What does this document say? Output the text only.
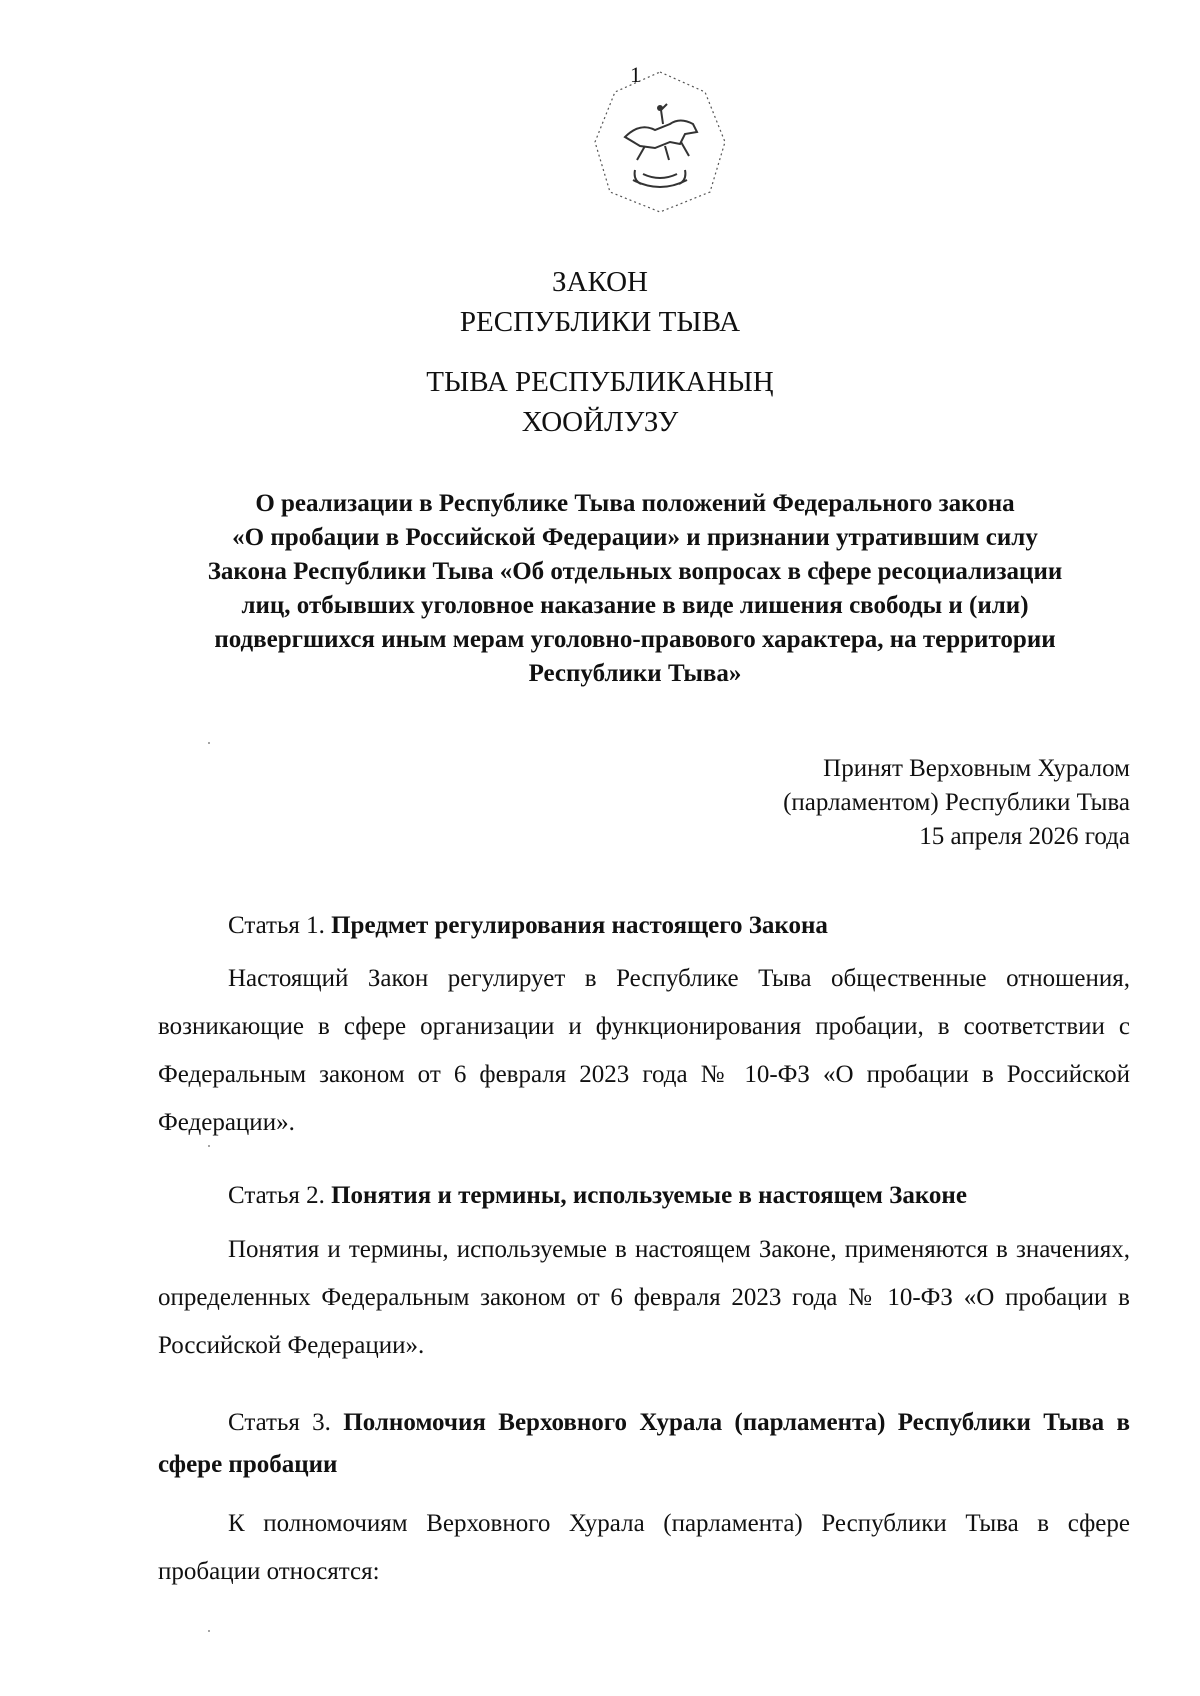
1
ЗАКОН
РЕСПУБЛИКИ ТЫВА
ТЫВА РЕСПУБЛИКАНЫҢ
ХООЙЛУЗУ
О реализации в Республике Тыва положений Федерального закона
«О пробации в Российской Федерации» и признании утратившим силу
Закона Республики Тыва «Об отдельных вопросах в сфере ресоциализации
лиц, отбывших уголовное наказание в виде лишения свободы и (или)
подвергшихся иным мерам уголовно-правового характера, на территории
Республики Тыва»
Принят Верховным Хуралом
(парламентом) Республики Тыва
15 апреля 2026 года
Статья 1. Предмет регулирования настоящего Закона
Настоящий Закон регулирует в Республике Тыва общественные отношения, возникающие в сфере организации и функционирования пробации, в соответствии с Федеральным законом от 6 февраля 2023 года № 10-ФЗ «О пробации в Российской Федерации».
Статья 2. Понятия и термины, используемые в настоящем Законе
Понятия и термины, используемые в настоящем Законе, применяются в значениях, определенных Федеральным законом от 6 февраля 2023 года № 10-ФЗ «О пробации в Российской Федерации».
Статья 3. Полномочия Верховного Хурала (парламента) Республики Тыва в сфере пробации
К полномочиям Верховного Хурала (парламента) Республики Тыва в сфере пробации относятся:
